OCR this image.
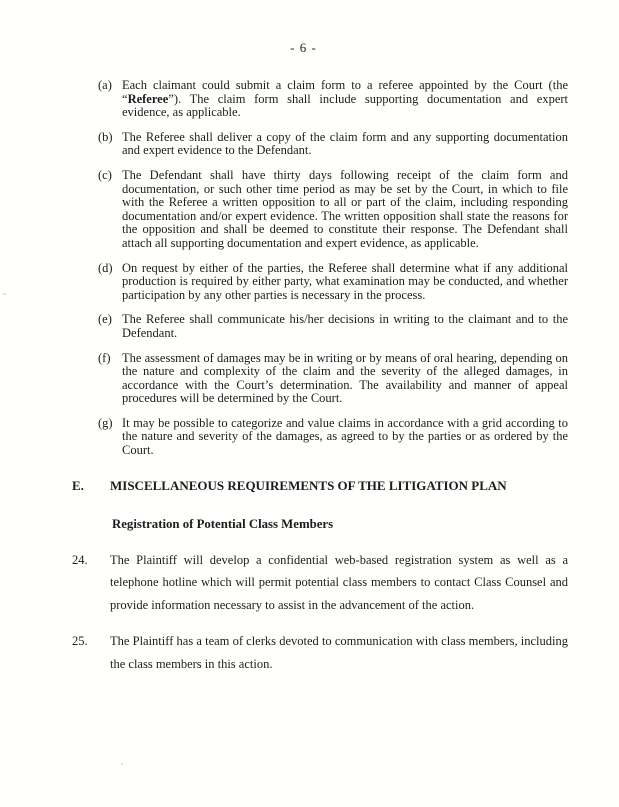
- 6 -
(a) Each claimant could submit a claim form to a referee appointed by the Court (the “Referee”). The claim form shall include supporting documentation and expert evidence, as applicable.

(b) The Referee shall deliver a copy of the claim form and any supporting documentation and expert evidence to the Defendant.

(c) The Defendant shall have thirty days following receipt of the claim form and documentation, or such other time period as may be set by the Court, in which to file with the Referee a written opposition to all or part of the claim, including responding documentation and/or expert evidence. The written opposition shall state the reasons for the opposition and shall be deemed to constitute their response. The Defendant shall attach all supporting documentation and expert evidence, as applicable.

(d) On request by either of the parties, the Referee shall determine what if any additional production is required by either party, what examination may be conducted, and whether participation by any other parties is necessary in the process.

(e) The Referee shall communicate his/her decisions in writing to the claimant and to the Defendant.

(f) The assessment of damages may be in writing or by means of oral hearing, depending on the nature and complexity of the claim and the severity of the alleged damages, in accordance with the Court’s determination. The availability and manner of appeal procedures will be determined by the Court.

(g) It may be possible to categorize and value claims in accordance with a grid according to the nature and severity of the damages, as agreed to by the parties or as ordered by the Court.

E.	MISCELLANEOUS REQUIREMENTS OF THE LITIGATION PLAN
Registration of Potential Class Members
24.	The Plaintiff will develop a confidential web-based registration system as well as a telephone hotline which will permit potential class members to contact Class Counsel and provide information necessary to assist in the advancement of the action.

25.	The Plaintiff has a team of clerks devoted to communication with class members, including the class members in this action.
